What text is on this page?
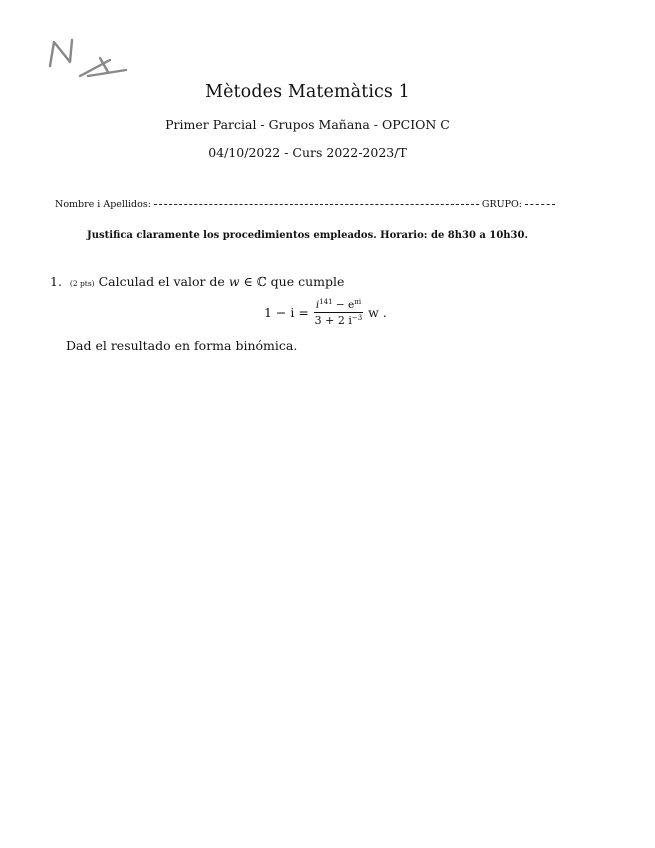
Mètodes Matemàtics 1
Primer Parcial - Grupos Mañana - OPCION C
04/10/2022 - Curs 2022-2023/T
Nombre i Apellidos:	GRUPO:
Justifica claramente los procedimientos empleados. Horario: de 8h30 a 10h30.
1. (2 pts) Calculad el valor de w ∈ ℂ que cumple
$1 - i = \frac{i^{141} - e^{\pi i}}{3 + 2 i^{-3}}$ w .
Dad el resultado en forma binómica.
